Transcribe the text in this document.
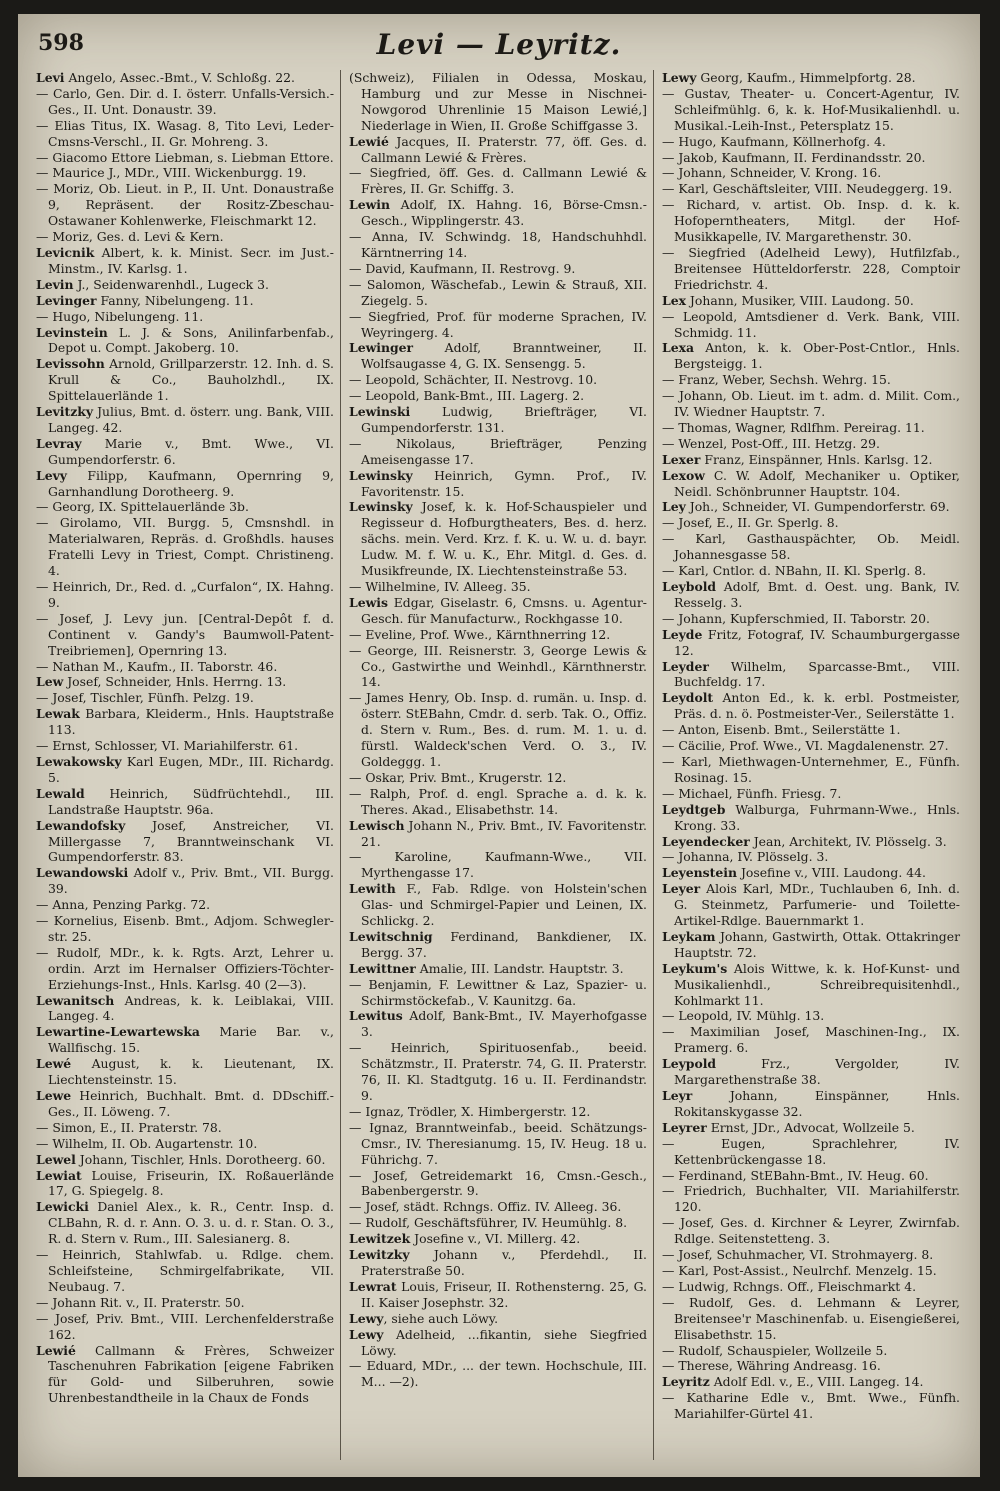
598	Levi — Leyritz.

Levi Angelo, Assec.-Bmt., V. Schloßg. 22.

— Carlo, Gen. Dir. d. I. österr. Unfalls-Versich.-Ges., II. Unt. Donaustr. 39.

— Elias Titus, IX. Wasag. 8, Tito Levi, Leder-Cmsns-Verschl., II. Gr. Mohreng. 3.

— Giacomo Ettore Liebman, s. Liebman Ettore.

— Maurice J., MDr., VIII. Wickenburgg. 19.

— Moriz, Ob. Lieut. in P., II. Unt. Donaustraße 9, Repräsent. der Rositz-Zbeschau-Ostawaner Kohlenwerke, Fleischmarkt 12.

— Moriz, Ges. d. Levi & Kern.

Levicnik Albert, k. k. Minist. Secr. im Just.-Minstm., IV. Karlsg. 1.

Levin J., Seidenwarenhdl., Lugeck 3.

Levinger Fanny, Nibelungeng. 11.

— Hugo, Nibelungeng. 11.

Levinstein L. J. & Sons, Anilinfarbenfab., Depot u. Compt. Jakoberg. 10.

Levissohn Arnold, Grillparzerstr. 12. Inh. d. S. Krull & Co., Bauholzhdl., IX. Spittelauerlände 1.

Levitzky Julius, Bmt. d. österr. ung. Bank, VIII. Langeg. 42.

Levray Marie v., Bmt. Wwe., VI. Gumpendorferstr. 6.

Levy Filipp, Kaufmann, Opernring 9, Garnhandlung Dorotheerg. 9.

— Georg, IX. Spittelauerlände 3b.

— Girolamo, VII. Burgg. 5, Cmsnshdl. in Materialwaren, Repräs. d. Großhdls. hauses Fratelli Levy in Triest, Compt. Christineng. 4.

— Heinrich, Dr., Red. d. „Curfalon“, IX. Hahng. 9.

— Josef, J. Levy jun. [Central-Depôt f. d. Continent v. Gandy's Baumwoll-Patent-Treibriemen], Opernring 13.

— Nathan M., Kaufm., II. Taborstr. 46.

Lew Josef, Schneider, Hnls. Herrng. 13.

— Josef, Tischler, Fünfh. Pelzg. 19.

Lewak Barbara, Kleiderm., Hnls. Hauptstraße 113.

— Ernst, Schlosser, VI. Mariahilferstr. 61.

Lewakowsky Karl Eugen, MDr., III. Richardg. 5.

Lewald Heinrich, Südfrüchtehdl., III. Landstraße Hauptstr. 96a.

Lewandofsky Josef, Anstreicher, VI. Millergasse 7, Branntweinschank VI. Gumpendorferstr. 83.

Lewandowski Adolf v., Priv. Bmt., VII. Burgg. 39.

— Anna, Penzing Parkg. 72.

— Kornelius, Eisenb. Bmt., Adjom. Schwegler-str. 25.

— Rudolf, MDr., k. k. Rgts. Arzt, Lehrer u. ordin. Arzt im Hernalser Offiziers-Töchter-Erziehungs-Inst., Hnls. Karlsg. 40 (2—3).

Lewanitsch Andreas, k. k. Leiblakai, VIII. Langeg. 4.

Lewartine-Lewartewska Marie Bar. v., Wallfischg. 15.

Lewé August, k. k. Lieutenant, IX. Liechtensteinstr. 15.

Lewe Heinrich, Buchhalt. Bmt. d. DDschiff.-Ges., II. Löweng. 7.

— Simon, E., II. Praterstr. 78.

— Wilhelm, II. Ob. Augartenstr. 10.

Lewel Johann, Tischler, Hnls. Dorotheerg. 60.

Lewiat Louise, Friseurin, IX. Roßauerlände 17, G. Spiegelg. 8.

Lewicki Daniel Alex., k. R., Centr. Insp. d. CLBahn, R. d. r. Ann. O. 3. u. d. r. Stan. O. 3., R. d. Stern v. Rum., III. Salesianerg. 8.

— Heinrich, Stahlwfab. u. Rdlge. chem. Schleifsteine, Schmirgelfabrikate, VII. Neubaug. 7.

— Johann Rit. v., II. Praterstr. 50.

— Josef, Priv. Bmt., VIII. Lerchenfelderstraße 162.

Lewié Callmann & Frères, Schweizer Taschenuhren Fabrikation [eigene Fabriken für Gold- und Silberuhren, sowie Uhrenbestandtheile in la Chaux de Fonds

(Schweiz), Filialen in Odessa, Moskau, Hamburg und zur Messe in Nischnei-Nowgorod Uhrenlinie 15 Maison Lewié,] Niederlage in Wien, II. Große Schiffgasse 3.

Lewié Jacques, II. Praterstr. 77, öff. Ges. d. Callmann Lewié & Frères.

— Siegfried, öff. Ges. d. Callmann Lewié & Frères, II. Gr. Schiffg. 3.

Lewin Adolf, IX. Hahng. 16, Börse-Cmsn.-Gesch., Wipplingerstr. 43.

— Anna, IV. Schwindg. 18, Handschuhhdl. Kärntnerring 14.

— David, Kaufmann, II. Restrovg. 9.

— Salomon, Wäschefab., Lewin & Strauß, XII. Ziegelg. 5.

— Siegfried, Prof. für moderne Sprachen, IV. Weyringerg. 4.

Lewinger Adolf, Branntweiner, II. Wolfsaugasse 4, G. IX. Sensengg. 5.

— Leopold, Schächter, II. Nestrovg. 10.

— Leopold, Bank-Bmt., III. Lagerg. 2.

Lewinski Ludwig, Briefträger, VI. Gumpendorferstr. 131.

— Nikolaus, Briefträger, Penzing Ameisengasse 17.

Lewinsky Heinrich, Gymn. Prof., IV. Favoritenstr. 15.

Lewinsky Josef, k. k. Hof-Schauspieler und Regisseur d. Hofburgtheaters, Bes. d. herz. sächs. mein. Verd. Krz. f. K. u. W. u. d. bayr. Ludw. M. f. W. u. K., Ehr. Mitgl. d. Ges. d. Musikfreunde, IX. Liechtensteinstraße 53.

— Wilhelmine, IV. Alleeg. 35.

Lewis Edgar, Giselastr. 6, Cmsns. u. Agentur-Gesch. für Manufacturw., Rockhgasse 10.

— Eveline, Prof. Wwe., Kärnthnerring 12.

— George, III. Reisnerstr. 3, George Lewis & Co., Gastwirthe und Weinhdl., Kärnthnerstr. 14.

— James Henry, Ob. Insp. d. rumän. u. Insp. d. österr. StEBahn, Cmdr. d. serb. Tak. O., Offiz. d. Stern v. Rum., Bes. d. rum. M. 1. u. d. fürstl. Waldeck'schen Verd. O. 3., IV. Goldeggg. 1.

— Oskar, Priv. Bmt., Krugerstr. 12.

— Ralph, Prof. d. engl. Sprache a. d. k. k. Theres. Akad., Elisabethstr. 14.

Lewisch Johann N., Priv. Bmt., IV. Favoritenstr. 21.

— Karoline, Kaufmann-Wwe., VII. Myrthengasse 17.

Lewith F., Fab. Rdlge. von Holstein'schen Glas- und Schmirgel-Papier und Leinen, IX. Schlickg. 2.

Lewitschnig Ferdinand, Bankdiener, IX. Bergg. 37.

Lewittner Amalie, III. Landstr. Hauptstr. 3.

— Benjamin, F. Lewittner & Laz, Spazier- u. Schirmstöckefab., V. Kaunitzg. 6a.

Lewitus Adolf, Bank-Bmt., IV. Mayerhofgasse 3.

— Heinrich, Spirituosenfab., beeid. Schätzmstr., II. Praterstr. 74, G. II. Praterstr. 76, II. Kl. Stadtgutg. 16 u. II. Ferdinandstr. 9.

— Ignaz, Trödler, X. Himbergerstr. 12.

— Ignaz, Branntweinfab., beeid. Schätzungs-Cmsr., IV. Theresianumg. 15, IV. Heug. 18 u. Führichg. 7.

— Josef, Getreidemarkt 16, Cmsn.-Gesch., Babenbergerstr. 9.

— Josef, städt. Rchngs. Offiz. IV. Alleeg. 36.

— Rudolf, Geschäftsführer, IV. Heumühlg. 8.

Lewitzek Josefine v., VI. Millerg. 42.

Lewitzky Johann v., Pferdehdl., II. Praterstraße 50.

Lewrat Louis, Friseur, II. Rothensterng. 25, G. II. Kaiser Josephstr. 32.

Lewy, siehe auch Löwy.

Lewy Adelheid, ...fikantin, siehe Siegfried Löwy.

— Eduard, MDr., ... der tewn. Hochschule, III. M... —2).

Lewy Georg, Kaufm., Himmelpfortg. 28.

— Gustav, Theater- u. Concert-Agentur, IV. Schleifmühlg. 6, k. k. Hof-Musikalienhdl. u. Musikal.-Leih-Inst., Petersplatz 15.

— Hugo, Kaufmann, Köllnerhofg. 4.

— Jakob, Kaufmann, II. Ferdinandsstr. 20.

— Johann, Schneider, V. Krong. 16.

— Karl, Geschäftsleiter, VIII. Neudeggerg. 19.

— Richard, v. artist. Ob. Insp. d. k. k. Hofoperntheaters, Mitgl. der Hof-Musikkapelle, IV. Margarethenstr. 30.

— Siegfried (Adelheid Lewy), Hutfilzfab., Breitensee Hütteldorferstr. 228, Comptoir Friedrichstr. 4.

Lex Johann, Musiker, VIII. Laudong. 50.

— Leopold, Amtsdiener d. Verk. Bank, VIII. Schmidg. 11.

Lexa Anton, k. k. Ober-Post-Cntlor., Hnls. Bergsteigg. 1.

— Franz, Weber, Sechsh. Wehrg. 15.

— Johann, Ob. Lieut. im t. adm. d. Milit. Com., IV. Wiedner Hauptstr. 7.

— Thomas, Wagner, Rdlfhm. Pereirag. 11.

— Wenzel, Post-Off., III. Hetzg. 29.

Lexer Franz, Einspänner, Hnls. Karlsg. 12.

Lexow C. W. Adolf, Mechaniker u. Optiker, Neidl. Schönbrunner Hauptstr. 104.

Ley Joh., Schneider, VI. Gumpendorferstr. 69.

— Josef, E., II. Gr. Sperlg. 8.

— Karl, Gasthauspächter, Ob. Meidl. Johannesgasse 58.

— Karl, Cntlor. d. NBahn, II. Kl. Sperlg. 8.

Leybold Adolf, Bmt. d. Oest. ung. Bank, IV. Resselg. 3.

— Johann, Kupferschmied, II. Taborstr. 20.

Leyde Fritz, Fotograf, IV. Schaumburgergasse 12.

Leyder Wilhelm, Sparcasse-Bmt., VIII. Buchfeldg. 17.

Leydolt Anton Ed., k. k. erbl. Postmeister, Präs. d. n. ö. Postmeister-Ver., Seilerstätte 1.

— Anton, Eisenb. Bmt., Seilerstätte 1.

— Cäcilie, Prof. Wwe., VI. Magdalenenstr. 27.

— Karl, Miethwagen-Unternehmer, E., Fünfh. Rosinag. 15.

— Michael, Fünfh. Friesg. 7.

Leydtgeb Walburga, Fuhrmann-Wwe., Hnls. Krong. 33.

Leyendecker Jean, Architekt, IV. Plösselg. 3.

— Johanna, IV. Plösselg. 3.

Leyenstein Josefine v., VIII. Laudong. 44.

Leyer Alois Karl, MDr., Tuchlauben 6, Inh. d. G. Steinmetz, Parfumerie- und Toilette-Artikel-Rdlge. Bauernmarkt 1.

Leykam Johann, Gastwirth, Ottak. Ottakringer Hauptstr. 72.

Leykum's Alois Wittwe, k. k. Hof-Kunst- und Musikalienhdl., Schreibrequisitenhdl., Kohlmarkt 11.

— Leopold, IV. Mühlg. 13.

— Maximilian Josef, Maschinen-Ing., IX. Pramerg. 6.

Leypold Frz., Vergolder, IV. Margarethenstraße 38.

Leyr Johann, Einspänner, Hnls. Rokitanskygasse 32.

Leyrer Ernst, JDr., Advocat, Wollzeile 5.

— Eugen, Sprachlehrer, IV. Kettenbrückengasse 18.

— Ferdinand, StEBahn-Bmt., IV. Heug. 60.

— Friedrich, Buchhalter, VII. Mariahilferstr. 120.

— Josef, Ges. d. Kirchner & Leyrer, Zwirnfab. Rdlge. Seitenstetteng. 3.

— Josef, Schuhmacher, VI. Strohmayerg. 8.

— Karl, Post-Assist., Neulrchf. Menzelg. 15.

— Ludwig, Rchngs. Off., Fleischmarkt 4.

— Rudolf, Ges. d. Lehmann & Leyrer, Breitensee'r Maschinenfab. u. Eisengießerei, Elisabethstr. 15.

— Rudolf, Schauspieler, Wollzeile 5.

— Therese, Währing Andreasg. 16.

Leyritz Adolf Edl. v., E., VIII. Langeg. 14.

— Katharine Edle v., Bmt. Wwe., Fünfh. Mariahilfer-Gürtel 41.
